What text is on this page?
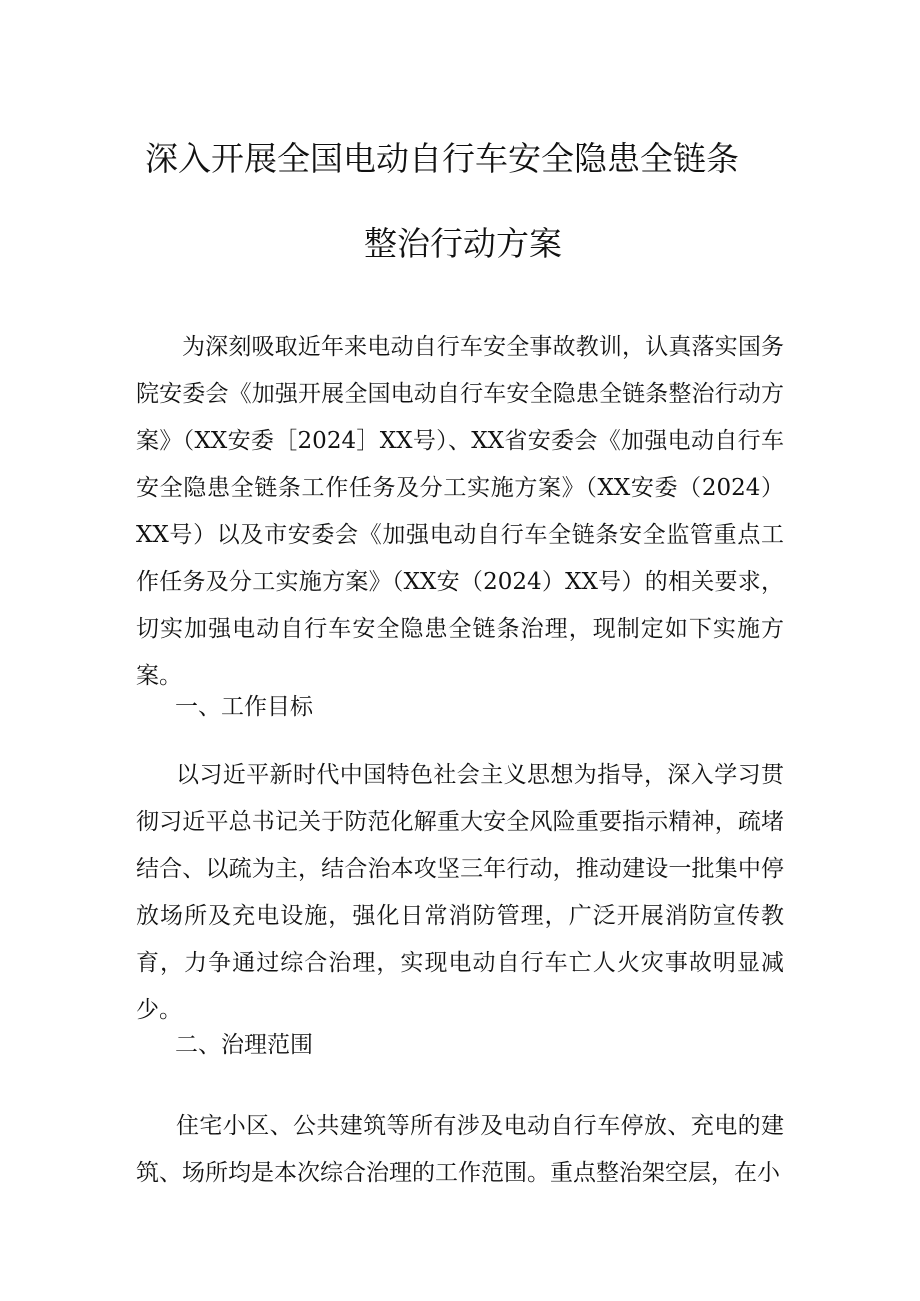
深入开展全国电动自行车安全隐患全链条
整治行动方案

为深刻吸取近年来电动自行车安全事故教训，认真落实国务院安委会《加强开展全国电动自行车安全隐患全链条整治行动方案》（XX安委［2024］XX号）、XX省安委会《加强电动自行车安全隐患全链条工作任务及分工实施方案》（XX安委（2024）XX号）以及市安委会《加强电动自行车全链条安全监管重点工作任务及分工实施方案》（XX安（2024）XX号）的相关要求，切实加强电动自行车安全隐患全链条治理，现制定如下实施方案。

一、工作目标

以习近平新时代中国特色社会主义思想为指导，深入学习贯彻习近平总书记关于防范化解重大安全风险重要指示精神，疏堵结合、以疏为主，结合治本攻坚三年行动，推动建设一批集中停放场所及充电设施，强化日常消防管理，广泛开展消防宣传教育，力争通过综合治理，实现电动自行车亡人火灾事故明显减少。

二、治理范围

住宅小区、公共建筑等所有涉及电动自行车停放、充电的建筑、场所均是本次综合治理的工作范围。重点整治架空层，在小
